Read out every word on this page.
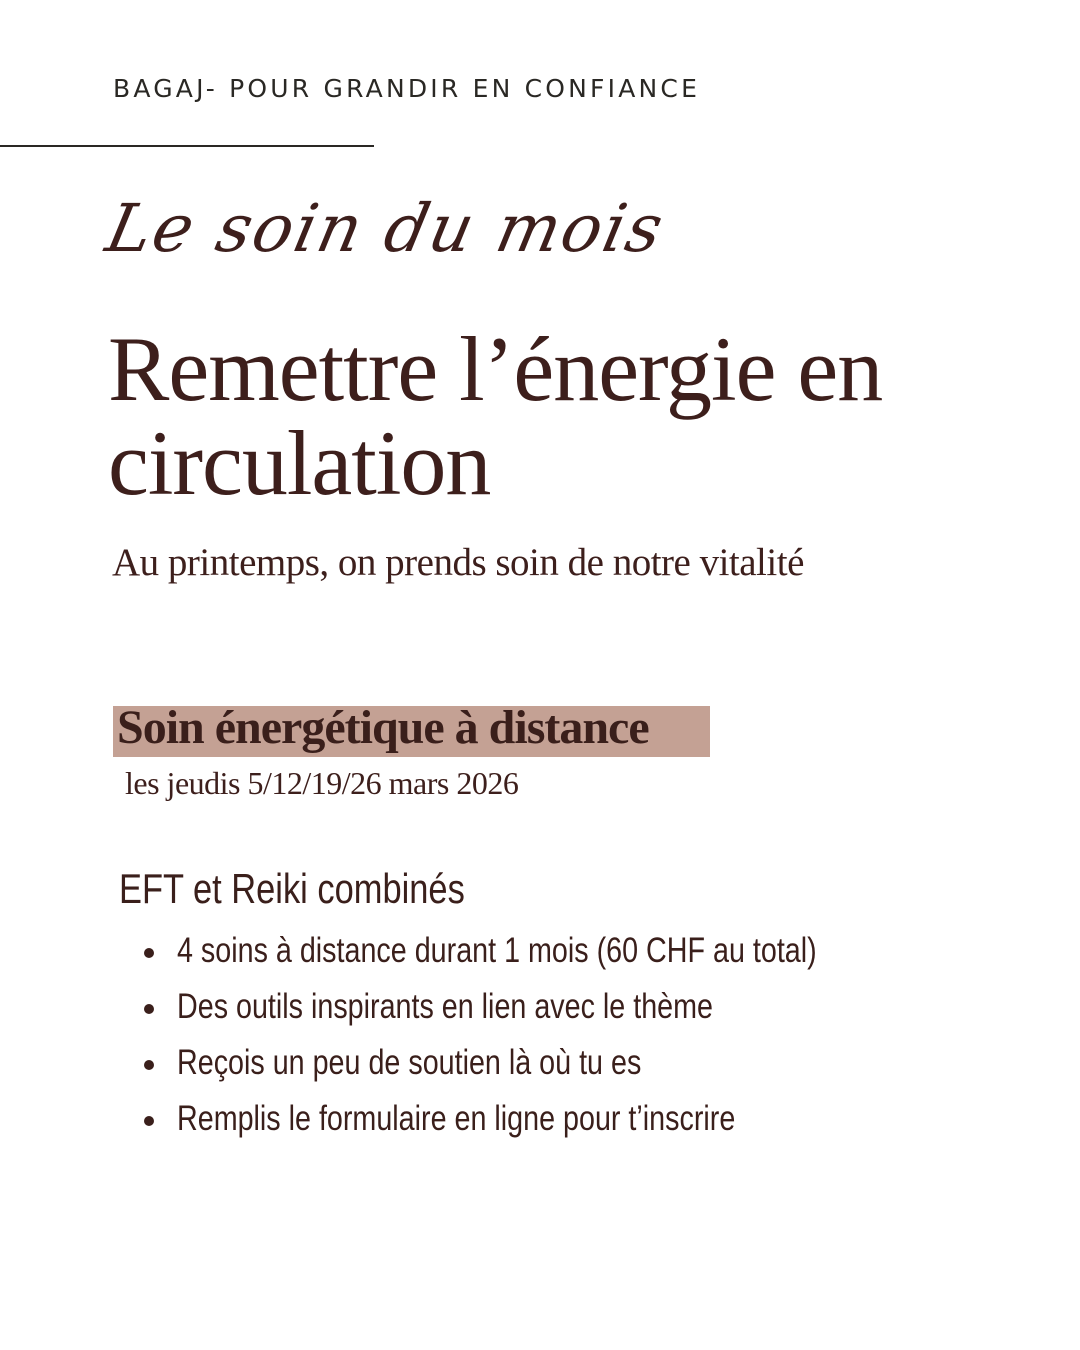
BAGAJ- POUR GRANDIR EN CONFIANCE
Le soin du mois
Remettre l’énergie en circulation
Au printemps, on prends soin de notre vitalité
Soin énergétique à distance
les jeudis 5/12/19/26 mars 2026
EFT et Reiki combinés
4 soins à distance durant 1 mois (60 CHF au total)
Des outils inspirants en lien avec le thème
Reçois un peu de soutien là où tu es
Remplis le formulaire en ligne pour t’inscrire
